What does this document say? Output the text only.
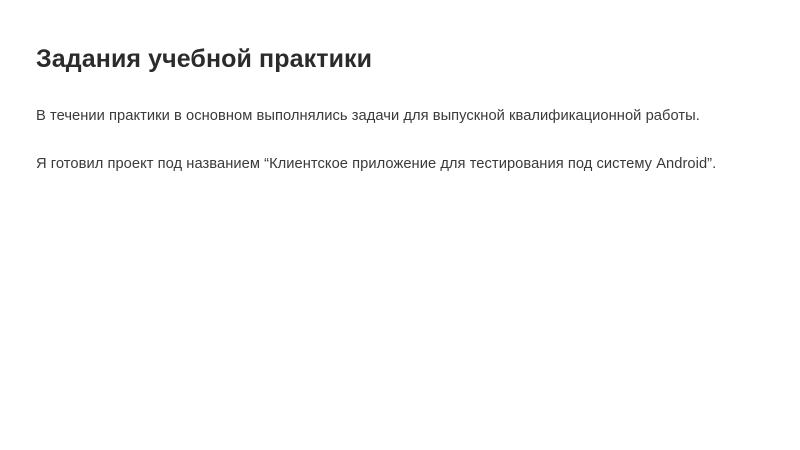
Задания учебной практики

В течении практики в основном выполнялись задачи для выпускной квалификационной работы.

Я готовил проект под названием “Клиентское приложение для тестирования под систему Android”.
